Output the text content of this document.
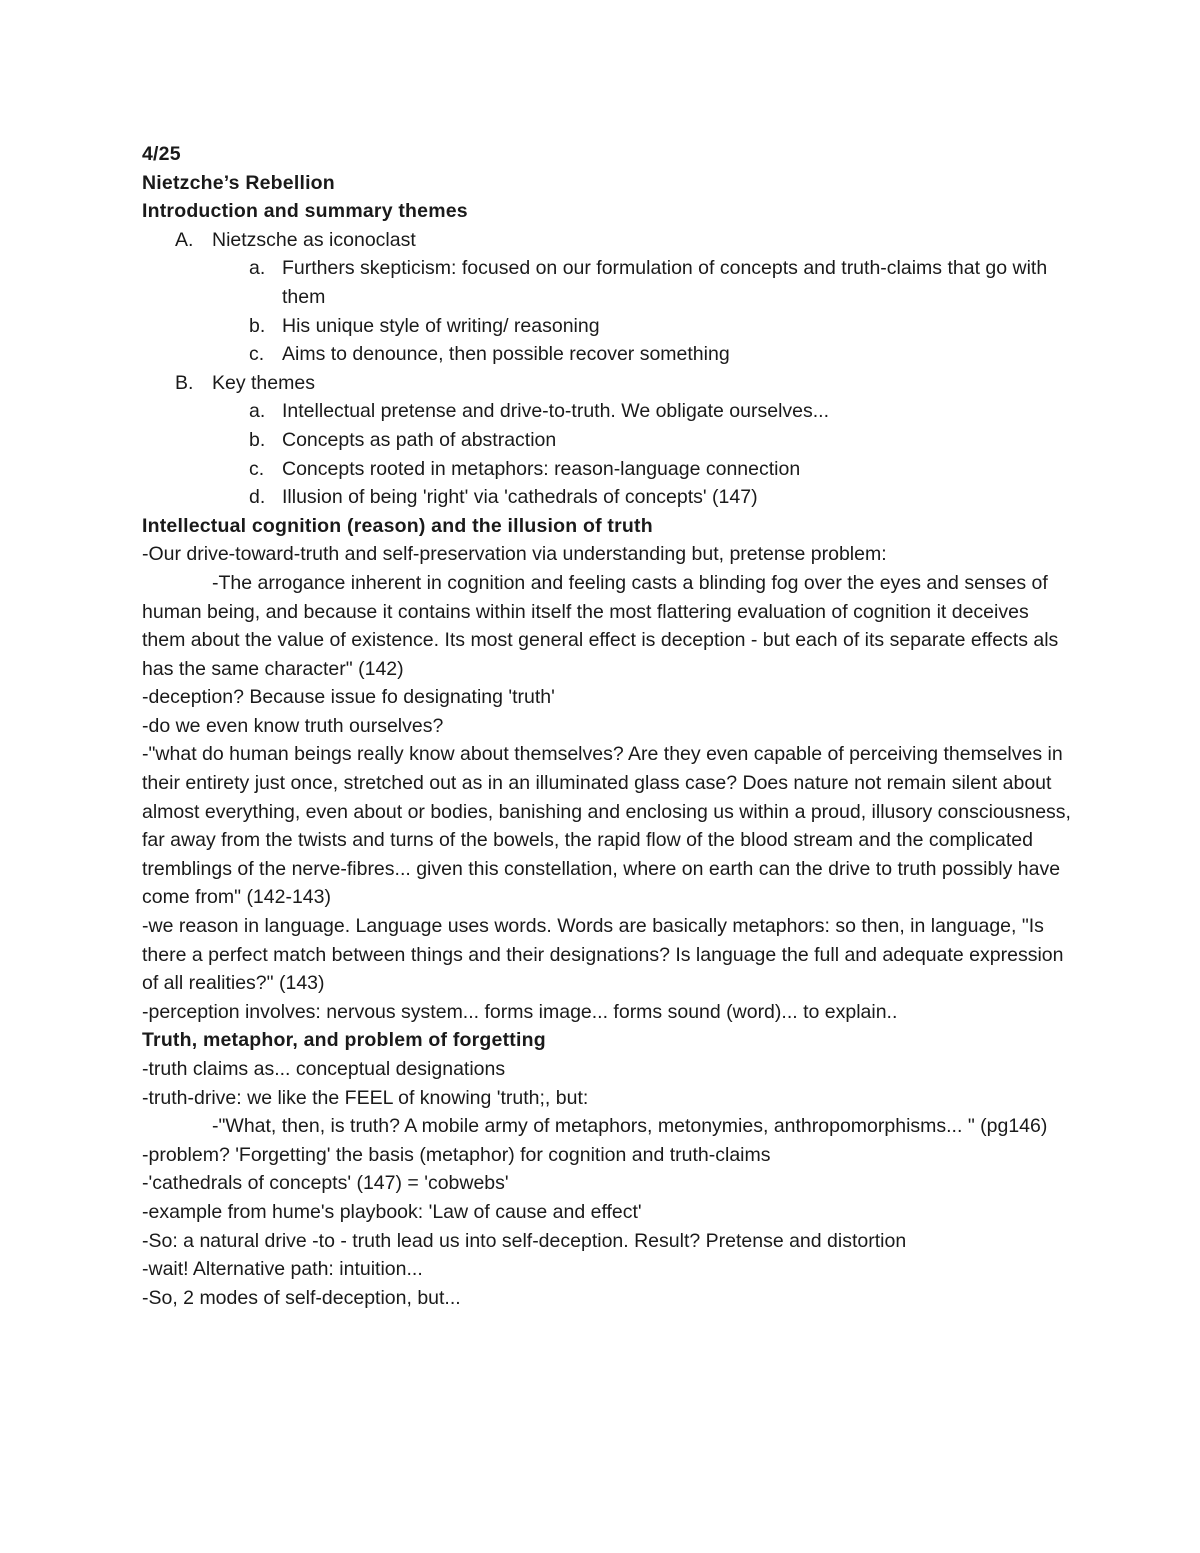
4/25
Nietzche’s Rebellion
Introduction and summary themes
A. Nietzsche as iconoclast
a. Furthers skepticism: focused on our formulation of concepts and truth-claims that go with them
b. His unique style of writing/ reasoning
c. Aims to denounce, then possible recover something
B. Key themes
a. Intellectual pretense and drive-to-truth. We obligate ourselves...
b. Concepts as path of abstraction
c. Concepts rooted in metaphors: reason-language connection
d. Illusion of being 'right' via 'cathedrals of concepts' (147)
Intellectual cognition (reason) and the illusion of truth
-Our drive-toward-truth and self-preservation via understanding but, pretense problem:
-The arrogance inherent in cognition and feeling casts a blinding fog over the eyes and senses of human being, and because it contains within itself the most flattering evaluation of cognition it deceives them about the value of existence. Its most general effect is deception - but each of its separate effects als has the same character" (142)
-deception? Because issue fo designating 'truth'
-do we even know truth ourselves?
-"what do human beings really know about themselves? Are they even capable of perceiving themselves in their entirety just once, stretched out as in an illuminated glass case? Does nature not remain silent about almost everything, even about or bodies, banishing and enclosing us within a proud, illusory consciousness, far away from the twists and turns of the bowels, the rapid flow of the blood stream and the complicated tremblings of the nerve-fibres... given this constellation, where on earth can the drive to truth possibly have come from" (142-143)
-we reason in language. Language uses words. Words are basically metaphors: so then, in language, "Is there a perfect match between things and their designations? Is language the full and adequate expression of all realities?" (143)
-perception involves: nervous system... forms image... forms sound (word)... to explain..
Truth, metaphor, and problem of forgetting
-truth claims as... conceptual designations
-truth-drive: we like the FEEL of knowing 'truth;, but:
-"What, then, is truth? A mobile army of metaphors, metonymies, anthropomorphisms... " (pg146)
-problem? 'Forgetting' the basis (metaphor) for cognition and truth-claims
-'cathedrals of concepts' (147) = 'cobwebs'
-example from hume's playbook: 'Law of cause and effect'
-So: a natural drive -to - truth lead us into self-deception. Result? Pretense and distortion
-wait! Alternative path: intuition...
-So, 2 modes of self-deception, but...
